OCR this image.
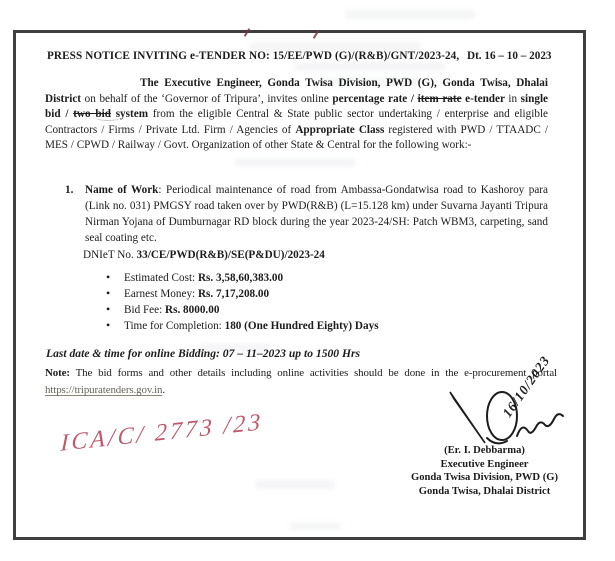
PRESS NOTICE INVITING e-TENDER NO: 15/EE/PWD (G)/(R&B)/GNT/2023-24, Dt. 16 – 10 – 2023
The Executive Engineer, Gonda Twisa Division, PWD (G), Gonda Twisa, Dhalai District on behalf of the ‘Governor of Tripura’, invites online percentage rate / item rate e-tender in single bid / two bid system from the eligible Central & State public sector undertaking / enterprise and eligible Contractors / Firms / Private Ltd. Firm / Agencies of Appropriate Class registered with PWD / TTAADC / MES / CPWD / Railway / Govt. Organization of other State & Central for the following work:-
1.	Name of Work: Periodical maintenance of road from Ambassa-Gondatwisa road to Kashoroy para (Link no. 031) PMGSY road taken over by PWD(R&B) (L=15.128 km) under Suvarna Jayanti Tripura Nirman Yojana of Dumburnagar RD block during the year 2023-24/SH: Patch WBM3, carpeting, sand seal coating etc.
DNIeT No. 33/CE/PWD(R&B)/SE(P&DU)/2023-24
•	Estimated Cost: Rs. 3,58,60,383.00
•	Earnest Money: Rs. 7,17,208.00
•	Bid Fee: Rs. 8000.00
•	Time for Completion: 180 (One Hundred Eighty) Days
Last date & time for online Bidding: 07 – 11–2023 up to 1500 Hrs
Note: The bid forms and other details including online activities should be done in the e-procurement portal https://tripuratenders.gov.in.
ICA/C/ 2773 /23
16/10/2023
(Er. I. Debbarma)
Executive Engineer
Gonda Twisa Division, PWD (G)
Gonda Twisa, Dhalai District
